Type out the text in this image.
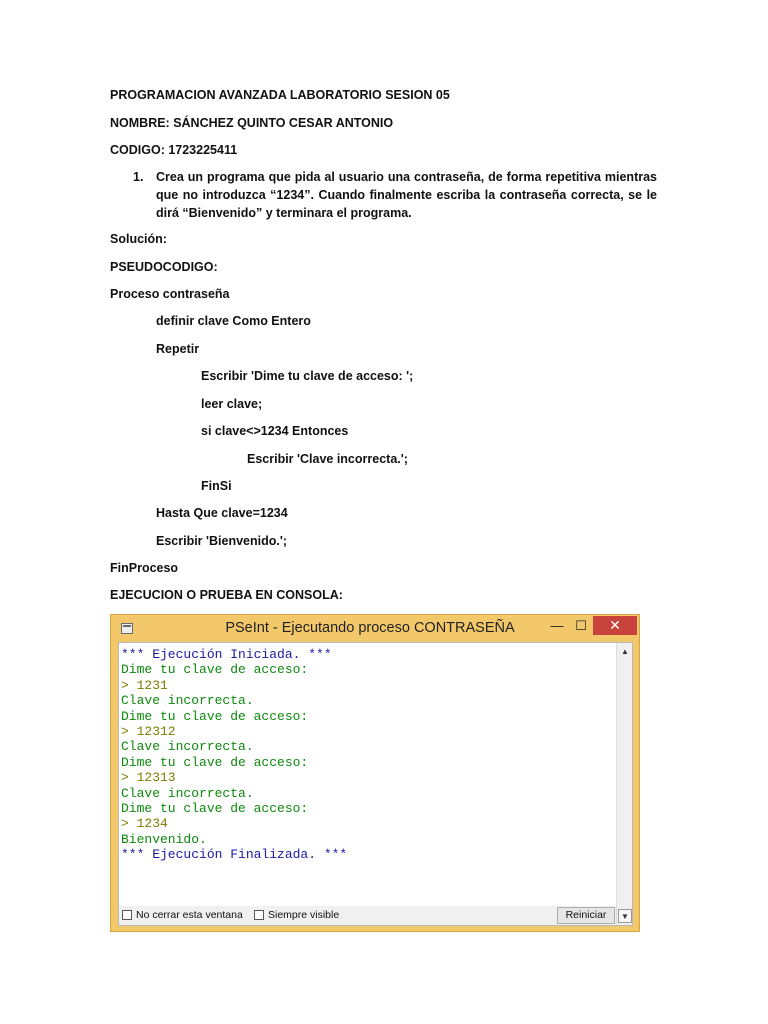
PROGRAMACION AVANZADA LABORATORIO SESION 05
NOMBRE: SÁNCHEZ QUINTO CESAR ANTONIO
CODIGO: 1723225411
1. Crea un programa que pida al usuario una contraseña, de forma repetitiva mientras que no introduzca “1234”. Cuando finalmente escriba la contraseña correcta, se le dirá “Bienvenido” y terminara el programa.
Solución:
PSEUDOCODIGO:
Proceso contraseña
definir clave Como Entero
Repetir
Escribir 'Dime tu clave de acceso: ';
leer clave;
si clave<>1234 Entonces
Escribir 'Clave incorrecta.';
FinSi
Hasta Que clave=1234
Escribir 'Bienvenido.';
FinProceso
EJECUCION O PRUEBA EN CONSOLA:
PSeInt - Ejecutando proceso CONTRASEÑA	— ☐	✕
*** Ejecución Iniciada. ***
Dime tu clave de acceso:
> 1231
Clave incorrecta.
Dime tu clave de acceso:
> 12312
Clave incorrecta.
Dime tu clave de acceso:
> 12313
Clave incorrecta.
Dime tu clave de acceso:
> 1234
Bienvenido.
*** Ejecución Finalizada. ***
▲
▼
No cerrar esta ventana Siempre visible	Reiniciar
